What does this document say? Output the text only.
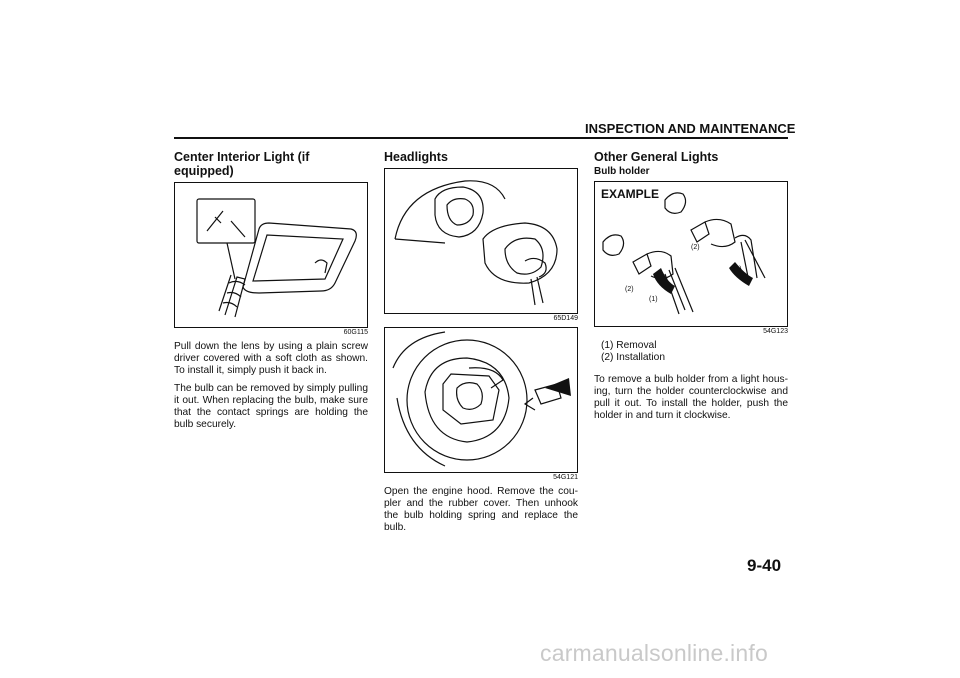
INSPECTION AND MAINTENANCE
Center Interior Light (if equipped)
60G115
Pull down the lens by using a plain screw driver covered with a soft cloth as shown. To install it, simply push it back in.
The bulb can be removed by simply pulling it out. When replacing the bulb, make sure that the contact springs are holding the bulb securely.
Headlights
65D149
54G121
Open the engine hood. Remove the cou-pler and the rubber cover. Then unhook the bulb holding spring and replace the bulb.
Other General Lights
Bulb holder
EXAMPLE
(2)
(1)
(2)
(1)
54G123
(1) Removal
(2) Installation
To remove a bulb holder from a light hous-ing, turn the holder counterclockwise and pull it out. To install the holder, push the holder in and turn it clockwise.
9-40
carmanualsonline.info
